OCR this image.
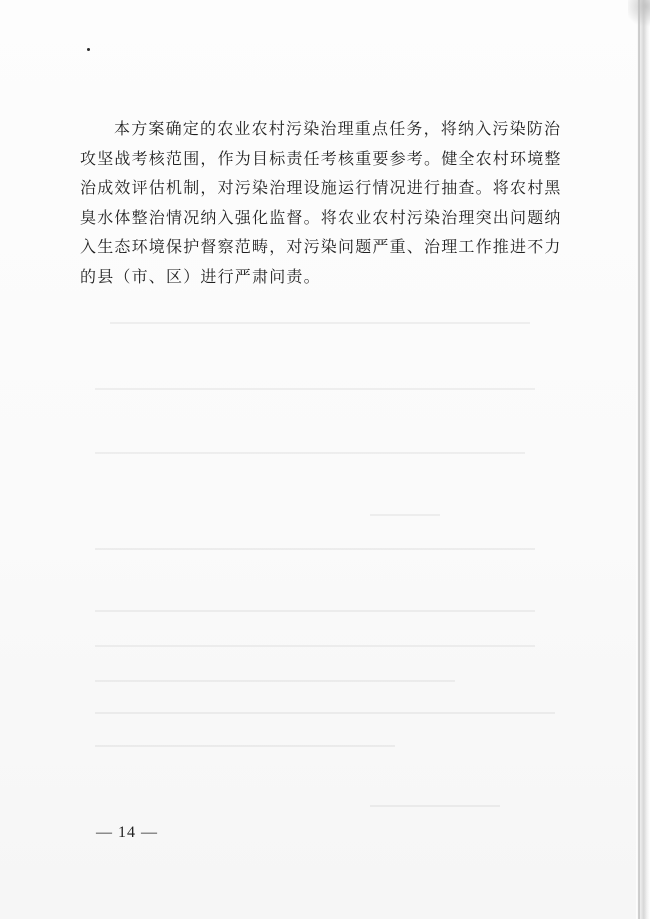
本方案确定的农业农村污染治理重点任务，将纳入污染防治
攻坚战考核范围，作为目标责任考核重要参考。健全农村环境整
治成效评估机制，对污染治理设施运行情况进行抽查。将农村黑
臭水体整治情况纳入强化监督。将农业农村污染治理突出问题纳
入生态环境保护督察范畴，对污染问题严重、治理工作推进不力
的县（市、区）进行严肃问责。
— 14 —
